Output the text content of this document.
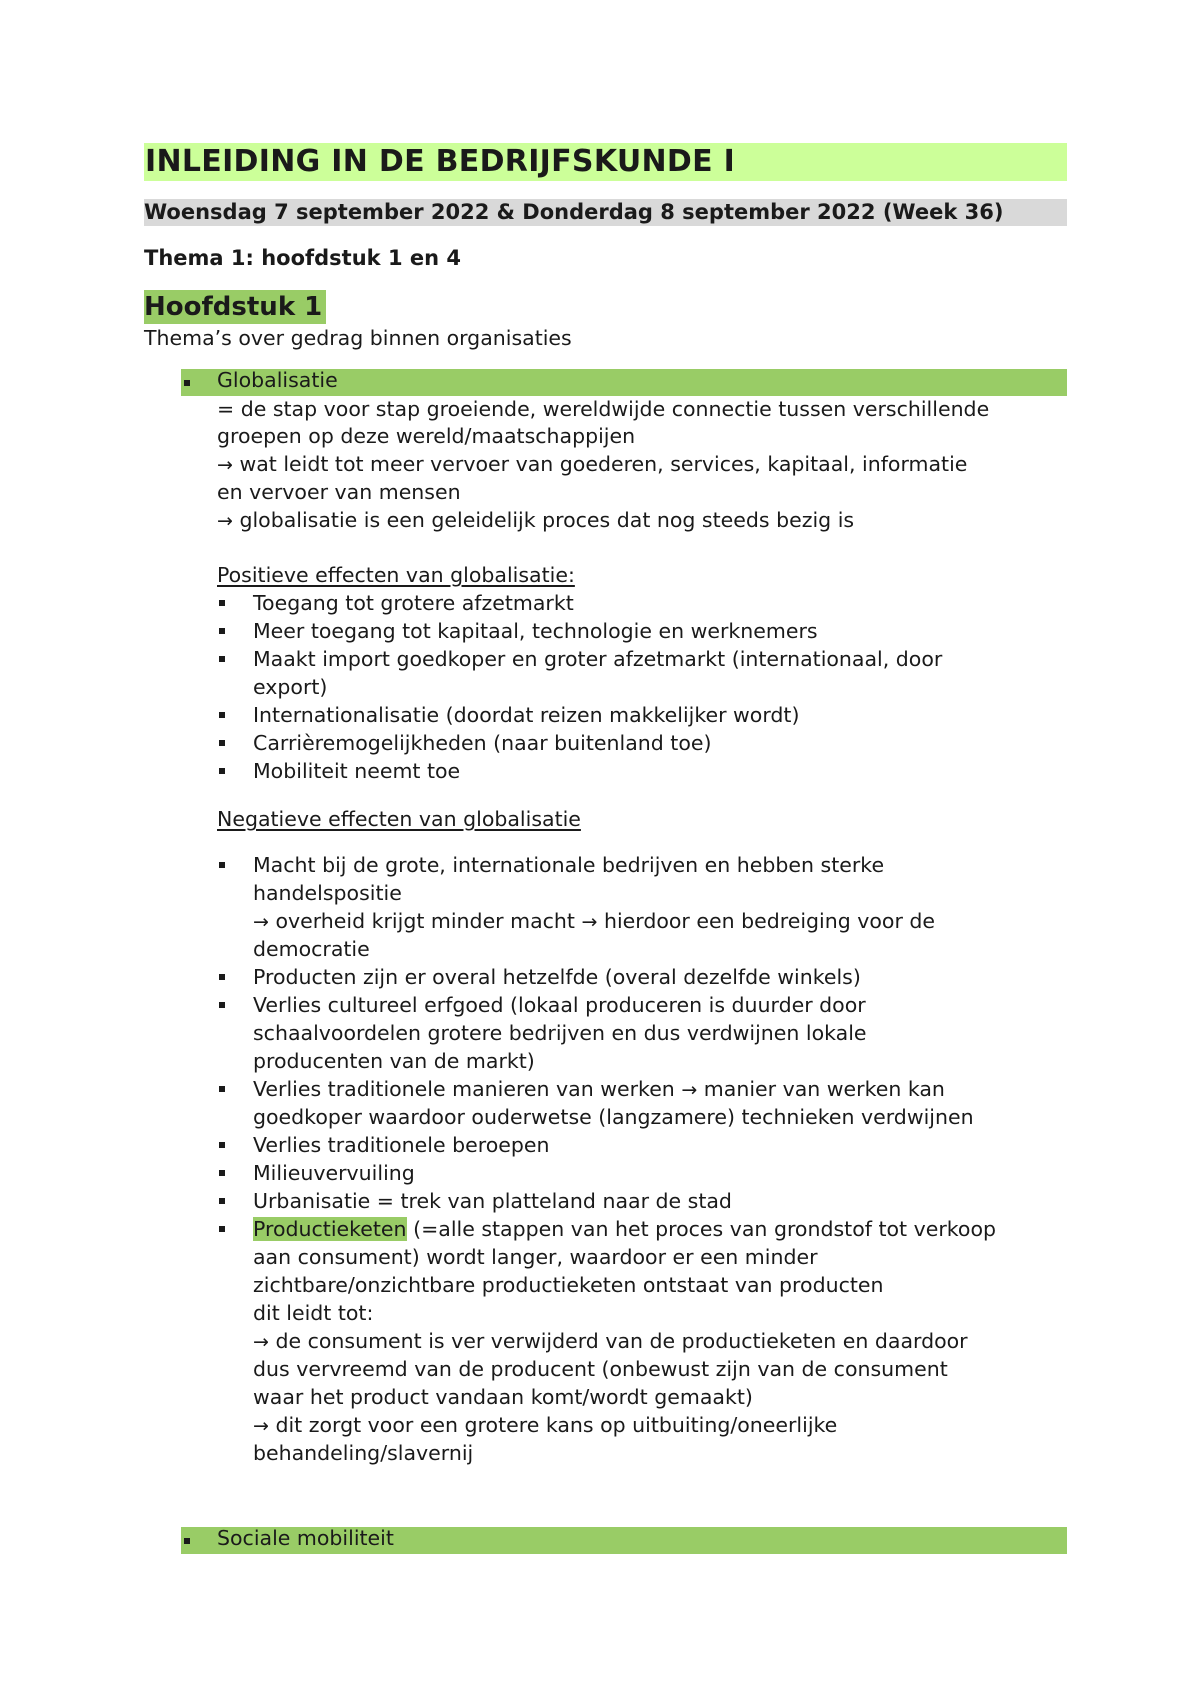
INLEIDING IN DE BEDRIJFSKUNDE I
Woensdag 7 september 2022 & Donderdag 8 september 2022 (Week 36)
Thema 1: hoofdstuk 1 en 4
Hoofdstuk 1
Thema’s over gedrag binnen organisaties
Globalisatie
= de stap voor stap groeiende, wereldwijde connectie tussen verschillende
groepen op deze wereld/maatschappijen
→ wat leidt tot meer vervoer van goederen, services, kapitaal, informatie
en vervoer van mensen
→ globalisatie is een geleidelijk proces dat nog steeds bezig is
Positieve effecten van globalisatie:
Toegang tot grotere afzetmarkt
Meer toegang tot kapitaal, technologie en werknemers
Maakt import goedkoper en groter afzetmarkt (internationaal, door
export)
Internationalisatie (doordat reizen makkelijker wordt)
Carrièremogelijkheden (naar buitenland toe)
Mobiliteit neemt toe
Negatieve effecten van globalisatie
Macht bij de grote, internationale bedrijven en hebben sterke
handelspositie
→ overheid krijgt minder macht → hierdoor een bedreiging voor de
democratie
Producten zijn er overal hetzelfde (overal dezelfde winkels)
Verlies cultureel erfgoed (lokaal produceren is duurder door
schaalvoordelen grotere bedrijven en dus verdwijnen lokale
producenten van de markt)
Verlies traditionele manieren van werken → manier van werken kan
goedkoper waardoor ouderwetse (langzamere) technieken verdwijnen
Verlies traditionele beroepen
Milieuvervuiling
Urbanisatie = trek van platteland naar de stad
Productieketen (=alle stappen van het proces van grondstof tot verkoop
aan consument) wordt langer, waardoor er een minder
zichtbare/onzichtbare productieketen ontstaat van producten
dit leidt tot:
→ de consument is ver verwijderd van de productieketen en daardoor
dus vervreemd van de producent (onbewust zijn van de consument
waar het product vandaan komt/wordt gemaakt)
→ dit zorgt voor een grotere kans op uitbuiting/oneerlijke
behandeling/slavernij
Sociale mobiliteit
